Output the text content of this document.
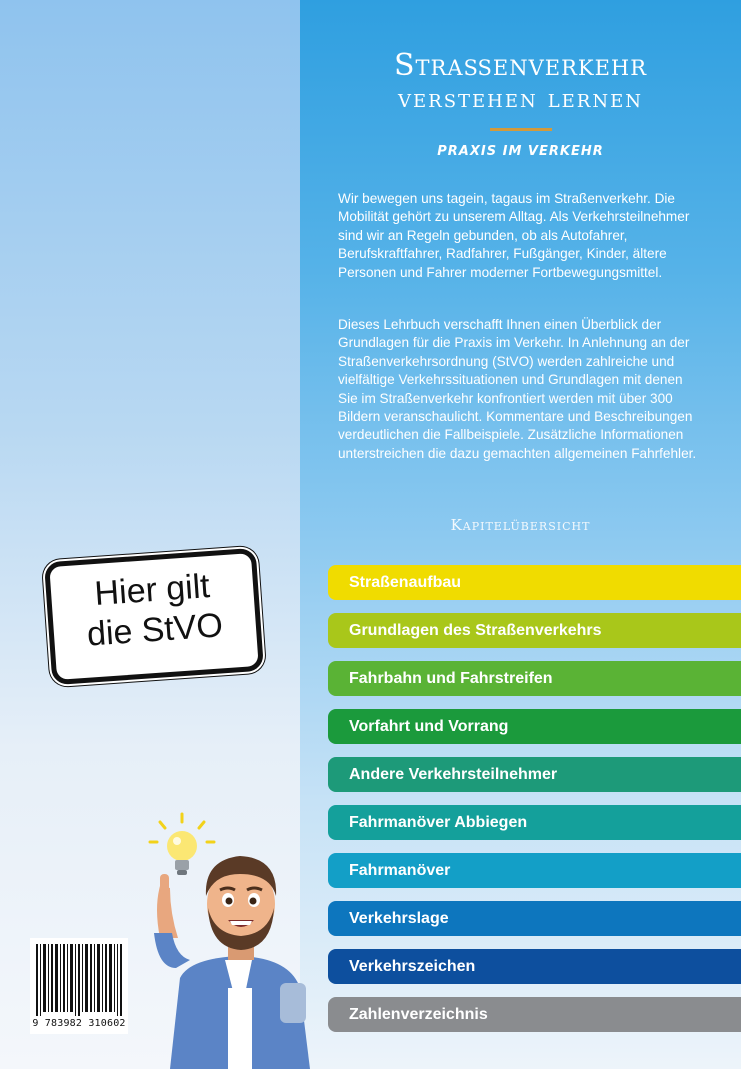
Straßenverkehr
verstehen lernen
PRAXIS IM VERKEHR
Wir bewegen uns tagein, tagaus im Straßenverkehr. Die Mobilität gehört zu unserem Alltag. Als Verkehrsteilnehmer sind wir an Regeln gebunden, ob als Autofahrer, Berufskraftfahrer, Radfahrer, Fußgänger, Kinder, ältere Personen und Fahrer moderner Fortbewegungsmittel.
Dieses Lehrbuch verschafft Ihnen einen Überblick der Grundlagen für die Praxis im Verkehr. In Anlehnung an der Straßenverkehrsordnung (StVO) werden zahlreiche und vielfältige Verkehrssituationen und Grundlagen mit denen Sie im Straßenverkehr konfrontiert werden mit über 300 Bildern veranschaulicht. Kommentare und Beschreibungen verdeutlichen die Fallbeispiele. Zusätzliche Informationen unterstreichen die dazu gemachten allgemeinen Fahrfehler.
Kapitelübersicht
Straßenaufbau
Grundlagen des Straßenverkehrs
Fahrbahn und Fahrstreifen
Vorfahrt und Vorrang
Andere Verkehrsteilnehmer
Fahrmanöver Abbiegen
Fahrmanöver
Verkehrslage
Verkehrszeichen
Zahlenverzeichnis
Hier gilt
die StVO
9 783982 310602
